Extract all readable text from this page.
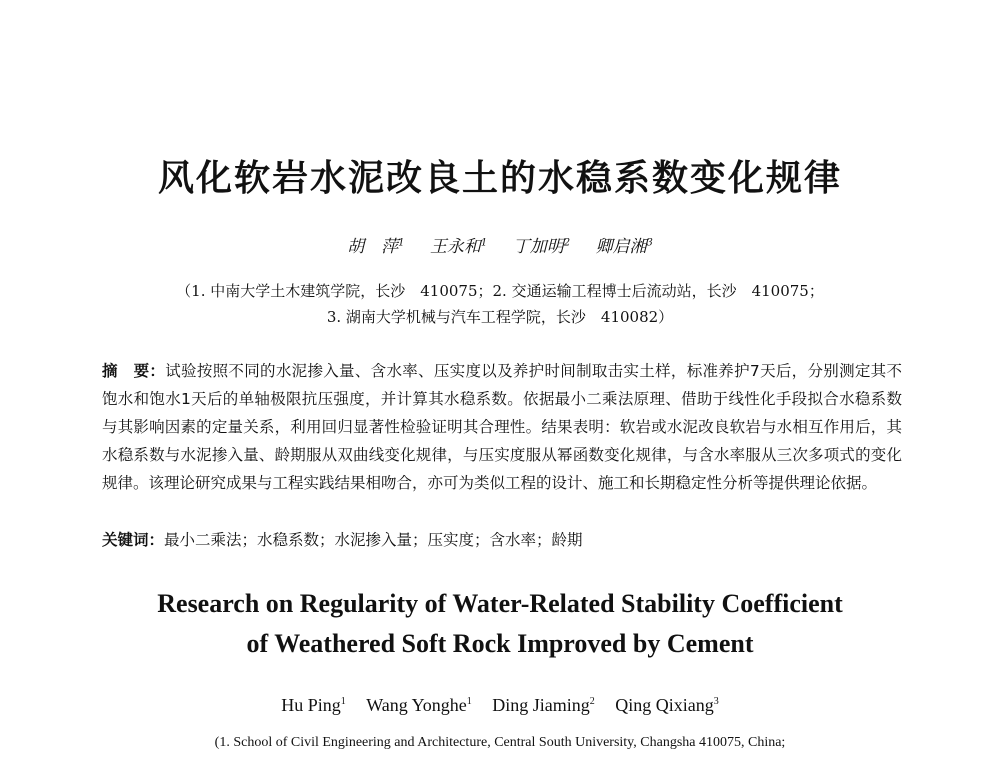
风化软岩水泥改良土的水稳系数变化规律
胡　萍$^1$ 王永和$^1$ 丁加明$^2$ 卿启湘$^3$
（1. 中南大学土木建筑学院，长沙　410075；2. 交通运输工程博士后流动站，长沙　410075；
3. 湖南大学机械与汽车工程学院，长沙　410082）
摘　要：试验按照不同的水泥掺入量、含水率、压实度以及养护时间制取击实土样，标准养护7天后，分别测定其不饱水和饱水1天后的单轴极限抗压强度，并计算其水稳系数。依据最小二乘法原理、借助于线性化手段拟合水稳系数与其影响因素的定量关系，利用回归显著性检验证明其合理性。结果表明：软岩或水泥改良软岩与水相互作用后，其水稳系数与水泥掺入量、龄期服从双曲线变化规律，与压实度服从幂函数变化规律，与含水率服从三次多项式的变化规律。该理论研究成果与工程实践结果相吻合，亦可为类似工程的设计、施工和长期稳定性分析等提供理论依据。
关键词：最小二乘法；水稳系数；水泥掺入量；压实度；含水率；龄期
Research on Regularity of Water-Related Stability Coefficient
of Weathered Soft Rock Improved by Cement
Hu Ping$^1$ Wang Yonghe$^1$ Ding Jiaming$^2$ Qing Qixiang$^3$
(1. School of Civil Engineering and Architecture, Central South University, Changsha 410075, China;
